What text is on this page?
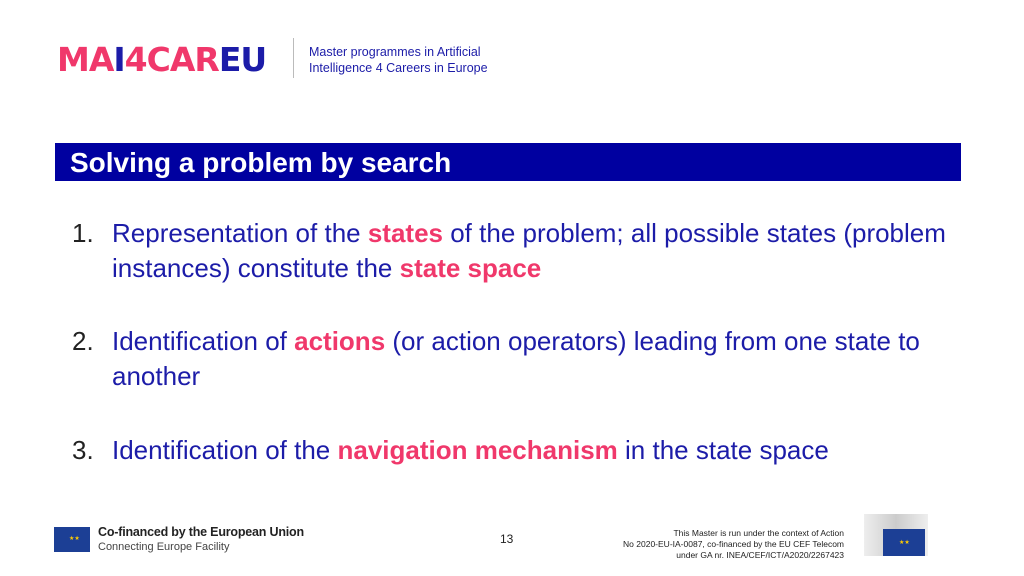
MAI4CAREU	Master programmes in Artificial
Intelligence 4 Careers in Europe
Solving a problem by search
1. Representation of the states of the problem; all possible states (problem instances) constitute the state space
2. Identification of actions (or action operators) leading from one state to another
3. Identification of the navigation mechanism in the state space
★★ Co-financed by the European Union
Connecting Europe Facility
13	This Master is run under the context of Action
No 2020-EU-IA-0087, co-financed by the EU CEF Telecom
under GA nr. INEA/CEF/ICT/A2020/2267423
★★
